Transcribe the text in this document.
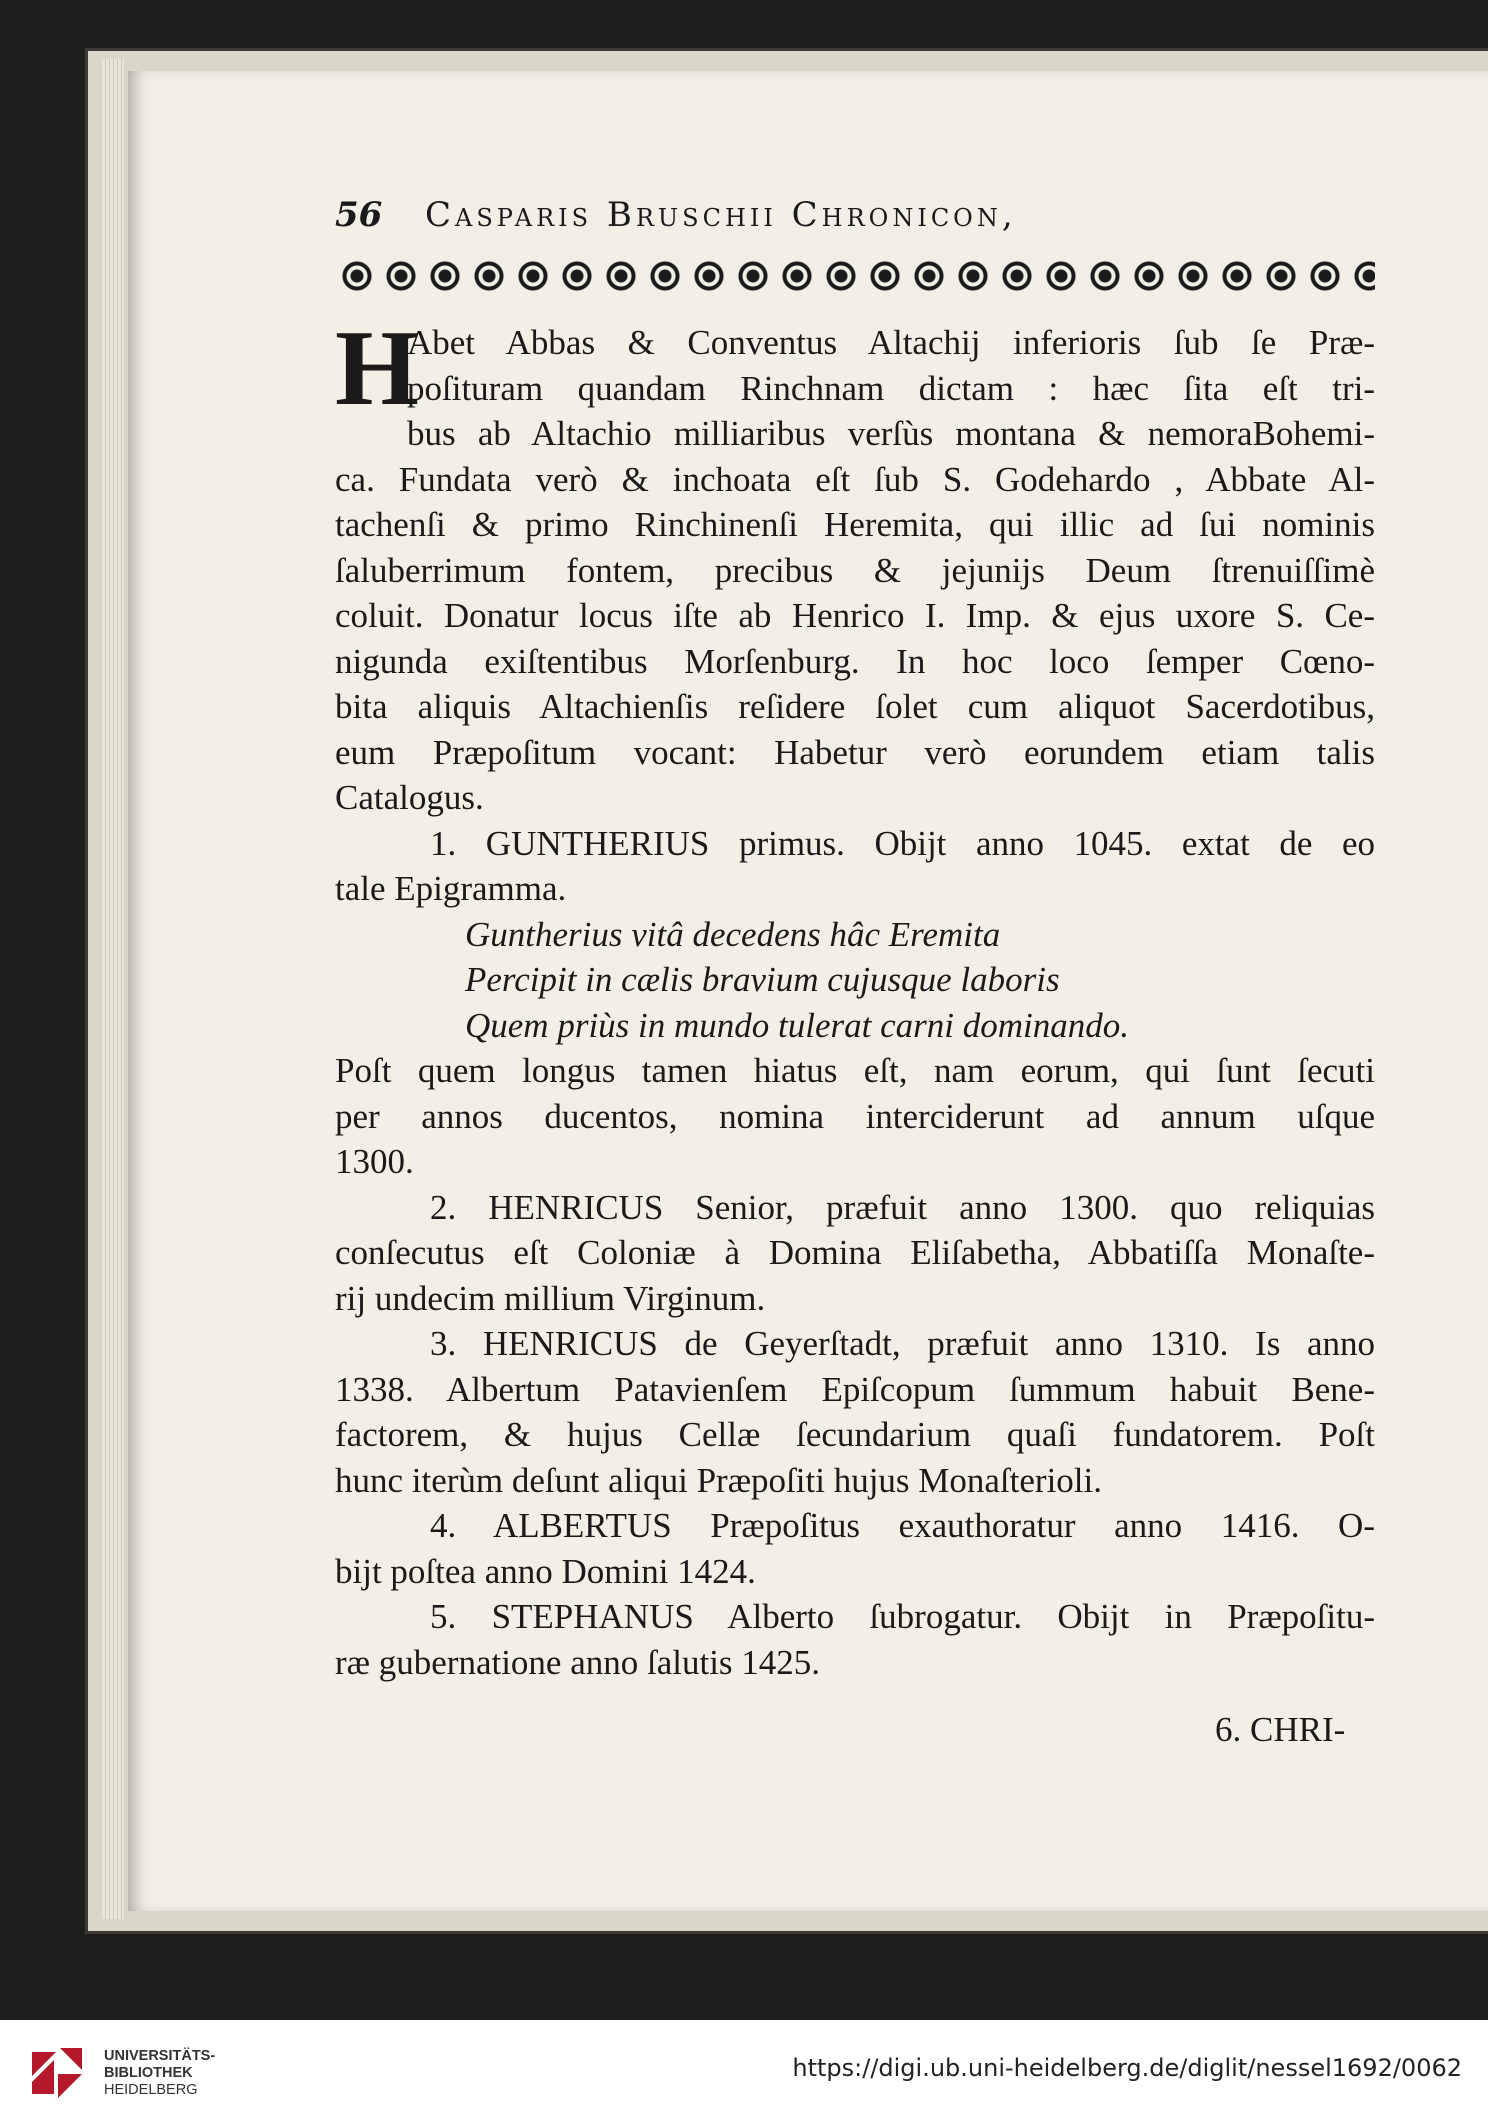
56 Casparis Bruschii Chronicon,
H
Abet Abbas & Conventus Altachij inferioris ſub ſe Præ-
poſituram quandam Rinchnam dictam : hæc ſita eſt tri-
bus ab Altachio milliaribus verſùs montana & nemoraBohemi-
ca. Fundata verò & inchoata eſt ſub S. Godehardo , Abbate Al-
tachenſi & primo Rinchinenſi Heremita, qui illic ad ſui nominis
ſaluberrimum fontem, precibus & jejunijs Deum ſtrenuiſſimè
coluit. Donatur locus iſte ab Henrico I. Imp. & ejus uxore S. Ce-
nigunda exiſtentibus Morſenburg. In hoc loco ſemper Cœno-
bita aliquis Altachienſis reſidere ſolet cum aliquot Sacerdotibus,
eum Præpoſitum vocant: Habetur verò eorundem etiam talis
Catalogus.
1. GUNTHERIUS primus. Obijt anno 1045. extat de eo
tale Epigramma.
Guntherius vitâ decedens hâc Eremita
Percipit in cælis bravium cujusque laboris
Quem priùs in mundo tulerat carni dominando.
Poſt quem longus tamen hiatus eſt, nam eorum, qui ſunt ſecuti
per annos ducentos, nomina interciderunt ad annum uſque
1300.
2. HENRICUS Senior, præfuit anno 1300. quo reliquias
conſecutus eſt Coloniæ à Domina Eliſabetha, Abbatiſſa Monaſte-
rij undecim millium Virginum.
3. HENRICUS de Geyerſtadt, præfuit anno 1310. Is anno
1338. Albertum Patavienſem Epiſcopum ſummum habuit Bene-
factorem, & hujus Cellæ ſecundarium quaſi fundatorem. Poſt
hunc iterùm deſunt aliqui Præpoſiti hujus Monaſterioli.
4. ALBERTUS Præpoſitus exauthoratur anno 1416. O-
bijt poſtea anno Domini 1424.
5. STEPHANUS Alberto ſubrogatur. Obijt in Præpoſitu-
ræ gubernatione anno ſalutis 1425.
6. CHRI-
UNIVERSITÄTS-
BIBLIOTHEK
HEIDELBERG
https://digi.ub.uni-heidelberg.de/diglit/nessel1692/0062
